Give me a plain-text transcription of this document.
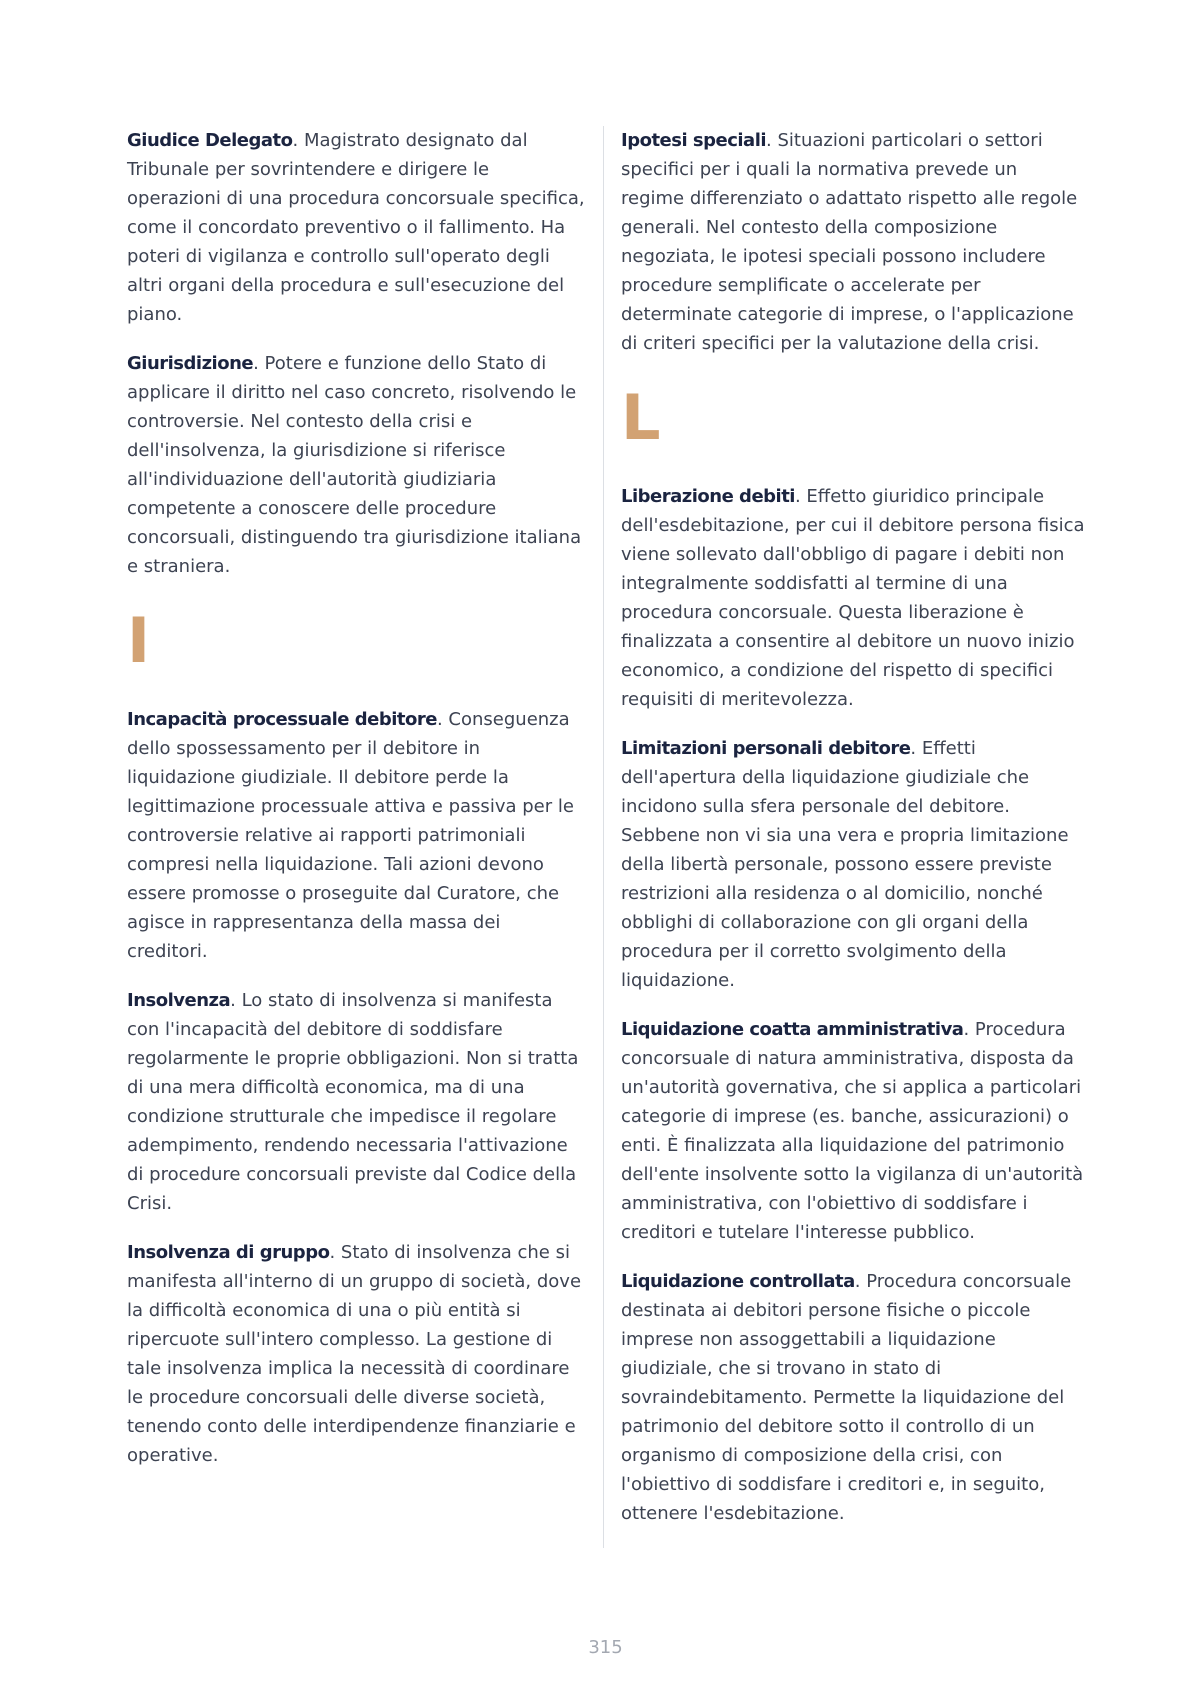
Giudice Delegato. Magistrato designato dal Tribunale per sovrintendere e dirigere le operazioni di una procedura concorsuale specifica, come il concordato preventivo o il fallimento. Ha poteri di vigilanza e controllo sull'operato degli altri organi della procedura e sull'esecuzione del piano.

Giurisdizione. Potere e funzione dello Stato di applicare il diritto nel caso concreto, risolvendo le controversie. Nel contesto della crisi e dell'insolvenza, la giurisdizione si riferisce all'individuazione dell'autorità giudiziaria competente a conoscere delle procedure concorsuali, distinguendo tra giurisdizione italiana e straniera.

I

Incapacità processuale debitore. Conseguenza dello spossessamento per il debitore in liquidazione giudiziale. Il debitore perde la legittimazione processuale attiva e passiva per le controversie relative ai rapporti patrimoniali compresi nella liquidazione. Tali azioni devono essere promosse o proseguite dal Curatore, che agisce in rappresentanza della massa dei creditori.

Insolvenza. Lo stato di insolvenza si manifesta con l'incapacità del debitore di soddisfare regolarmente le proprie obbligazioni. Non si tratta di una mera difficoltà economica, ma di una condizione strutturale che impedisce il regolare adempimento, rendendo necessaria l'attivazione di procedure concorsuali previste dal Codice della Crisi.

Insolvenza di gruppo. Stato di insolvenza che si manifesta all'interno di un gruppo di società, dove la difficoltà economica di una o più entità si ripercuote sull'intero complesso. La gestione di tale insolvenza implica la necessità di coordinare le procedure concorsuali delle diverse società, tenendo conto delle interdipendenze finanziarie e operative.

Ipotesi speciali. Situazioni particolari o settori specifici per i quali la normativa prevede un regime differenziato o adattato rispetto alle regole generali. Nel contesto della composizione negoziata, le ipotesi speciali possono includere procedure semplificate o accelerate per determinate categorie di imprese, o l'applicazione di criteri specifici per la valutazione della crisi.

L

Liberazione debiti. Effetto giuridico principale dell'esdebitazione, per cui il debitore persona fisica viene sollevato dall'obbligo di pagare i debiti non integralmente soddisfatti al termine di una procedura concorsuale. Questa liberazione è finalizzata a consentire al debitore un nuovo inizio economico, a condizione del rispetto di specifici requisiti di meritevolezza.

Limitazioni personali debitore. Effetti dell'apertura della liquidazione giudiziale che incidono sulla sfera personale del debitore. Sebbene non vi sia una vera e propria limitazione della libertà personale, possono essere previste restrizioni alla residenza o al domicilio, nonché obblighi di collaborazione con gli organi della procedura per il corretto svolgimento della liquidazione.

Liquidazione coatta amministrativa. Procedura concorsuale di natura amministrativa, disposta da un'autorità governativa, che si applica a particolari categorie di imprese (es. banche, assicurazioni) o enti. È finalizzata alla liquidazione del patrimonio dell'ente insolvente sotto la vigilanza di un'autorità amministrativa, con l'obiettivo di soddisfare i creditori e tutelare l'interesse pubblico.

Liquidazione controllata. Procedura concorsuale destinata ai debitori persone fisiche o piccole imprese non assoggettabili a liquidazione giudiziale, che si trovano in stato di sovraindebitamento. Permette la liquidazione del patrimonio del debitore sotto il controllo di un organismo di composizione della crisi, con l'obiettivo di soddisfare i creditori e, in seguito, ottenere l'esdebitazione.

315
